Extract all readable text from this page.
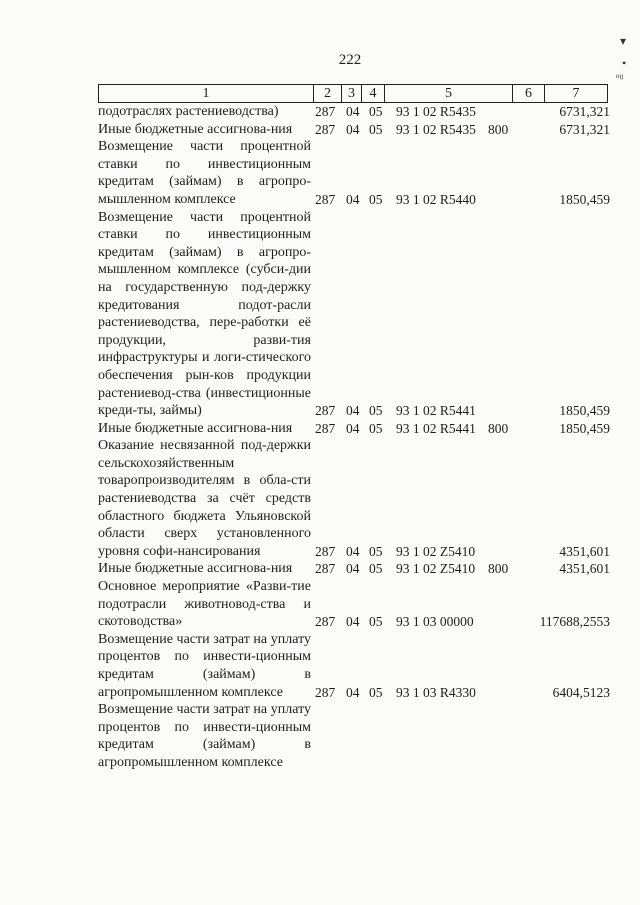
222
▾
•
ₒ₀
1	2	3	4	5	6	7
подотраслях растениеводства)	287 04 05 93 1 02 R5435	6731,321
Иные бюджетные ассигнова-ния	287 04 05 93 1 02 R5435 800	6731,321
Возмещение части процентной ставки по инвестиционным кредитам (займам) в агропро-мышленном комплексе	287 04 05 93 1 02 R5440	1850,459
Возмещение части процентной ставки по инвестиционным кредитам (займам) в агропро-мышленном комплексе (субси-дии на государственную под-держку кредитования подот-расли растениеводства, пере-работки её продукции, разви-тия инфраструктуры и логи-стического обеспечения рын-ков продукции растениевод-ства (инвестиционные креди-ты, займы)	287 04 05 93 1 02 R5441	1850,459
Иные бюджетные ассигнова-ния	287 04 05 93 1 02 R5441 800	1850,459
Оказание несвязанной под-держки сельскохозяйственным товаропроизводителям в обла-сти растениеводства за счёт средств областного бюджета Ульяновской области сверх установленного уровня софи-нансирования	287 04 05 93 1 02 Z5410	4351,601
Иные бюджетные ассигнова-ния	287 04 05 93 1 02 Z5410 800	4351,601
Основное мероприятие «Разви-тие подотрасли животновод-ства и скотоводства»	287 04 05 93 1 03 00000	117688,2553
Возмещение части затрат на уплату процентов по инвести-ционным кредитам (займам) в агропромышленном комплексе	287 04 05 93 1 03 R4330	6404,5123
Возмещение части затрат на уплату процентов по инвести-ционным кредитам (займам) в агропромышленном комплексе
